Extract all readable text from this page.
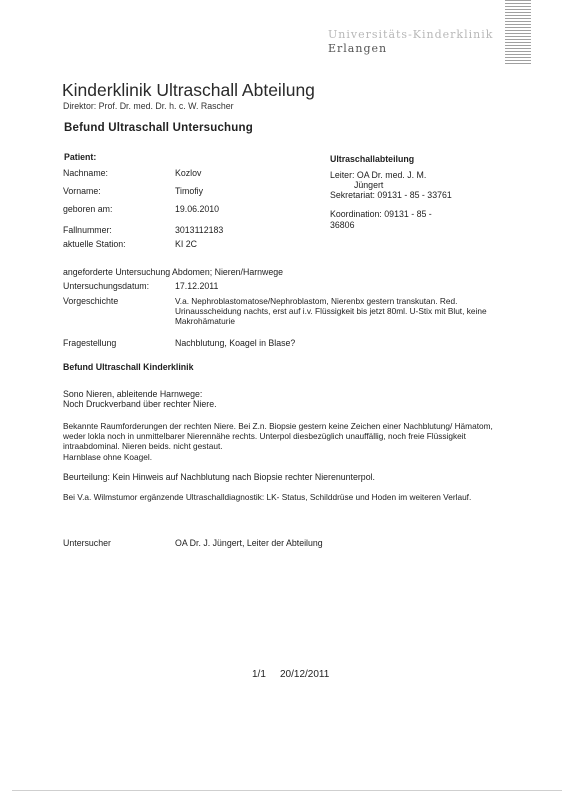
Universitäts-Kinderklinik
Erlangen
Kinderklinik Ultraschall Abteilung
Direktor: Prof. Dr. med. Dr. h. c. W. Rascher
Befund Ultraschall Untersuchung
Patient:
Nachname:	Kozlov
Vorname:	Timofiy
geboren am:	19.06.2010
Fallnummer:	3013112183
aktuelle Station:	KI 2C
Ultraschallabteilung
Leiter: OA Dr. med. J. M.
Jüngert
Sekretariat: 09131 - 85 - 33761
Koordination: 09131 - 85 -
36806
angeforderte Untersuchung Abdomen; Nieren/Harnwege
Untersuchungsdatum:	17.12.2011
Vorgeschichte	V.a. Nephroblastomatose/Nephroblastom, Nierenbx gestern transkutan. Red.
Urinausscheidung nachts, erst auf i.v. Flüssigkeit bis jetzt 80ml. U-Stix mit Blut, keine
Makrohämaturie
Fragestellung	Nachblutung, Koagel in Blase?
Befund Ultraschall Kinderklinik
Sono Nieren, ableitende Harnwege:
Noch Druckverband über rechter Niere.
Bekannte Raumforderungen der rechten Niere. Bei Z.n. Biopsie gestern keine Zeichen einer Nachblutung/ Hämatom,
weder lokla noch in unmittelbarer Nierennähe rechts. Unterpol diesbezüglich unauffällig, noch freie Flüssigkeit
intraabdominal. Nieren beids. nicht gestaut.
Harnblase ohne Koagel.
Beurteilung: Kein Hinweis auf Nachblutung nach Biopsie rechter Nierenunterpol.
Bei V.a. Wilmstumor ergänzende Ultraschalldiagnostik: LK- Status, Schilddrüse und Hoden im weiteren Verlauf.
Untersucher	OA Dr. J. Jüngert, Leiter der Abteilung
1/1 20/12/2011
